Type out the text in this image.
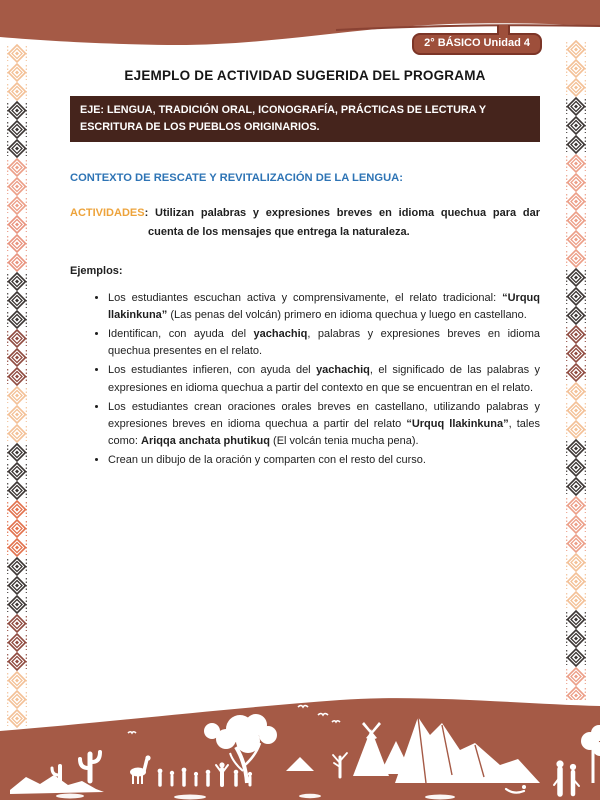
2° BÁSICO Unidad 4
EJEMPLO DE ACTIVIDAD SUGERIDA DEL PROGRAMA
EJE: LENGUA, TRADICIÓN ORAL, ICONOGRAFÍA, PRÁCTICAS DE LECTURA Y ESCRITURA DE LOS PUEBLOS ORIGINARIOS.
CONTEXTO DE RESCATE Y REVITALIZACIÓN DE LA LENGUA:
ACTIVIDADES: Utilizan palabras y expresiones breves en idioma quechua para dar cuenta de los mensajes que entrega la naturaleza.
Ejemplos:
• Los estudiantes escuchan activa y comprensivamente, el relato tradicional: “Urquq llakinkuna” (Las penas del volcán) primero en idioma quechua y luego en castellano.
• Identifican, con ayuda del yachachiq, palabras y expresiones breves en idioma quechua presentes en el relato.
• Los estudiantes infieren, con ayuda del yachachiq, el significado de las palabras y expresiones en idioma quechua a partir del contexto en que se encuentran en el relato.
• Los estudiantes crean oraciones orales breves en castellano, utilizando palabras y expresiones breves en idioma quechua a partir del relato “Urquq llakinkuna”, tales como: Ariqqa anchata phutikuq (El volcán tenia mucha pena).
• Crean un dibujo de la oración y comparten con el resto del curso.
